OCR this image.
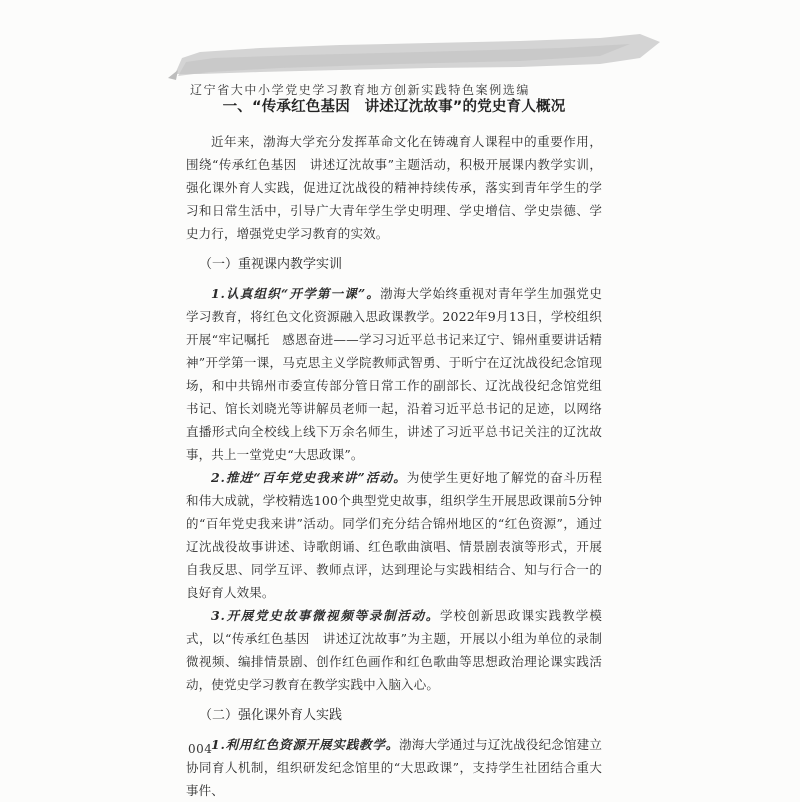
辽宁省大中小学党史学习教育地方创新实践特色案例选编
一、“传承红色基因　讲述辽沈故事”的党史育人概况

近年来，渤海大学充分发挥革命文化在铸魂育人课程中的重要作用，围绕“传承红色基因　讲述辽沈故事”主题活动，积极开展课内教学实训，强化课外育人实践，促进辽沈战役的精神持续传承，落实到青年学生的学习和日常生活中，引导广大青年学生学史明理、学史增信、学史崇德、学史力行，增强党史学习教育的实效。

（一）重视课内教学实训

1.认真组织“开学第一课”。渤海大学始终重视对青年学生加强党史学习教育，将红色文化资源融入思政课教学。2022年9月13日，学校组织开展“牢记嘱托　感恩奋进——学习习近平总书记来辽宁、锦州重要讲话精神”开学第一课，马克思主义学院教师武智勇、于昕宁在辽沈战役纪念馆现场，和中共锦州市委宣传部分管日常工作的副部长、辽沈战役纪念馆党组书记、馆长刘晓光等讲解员老师一起，沿着习近平总书记的足迹，以网络直播形式向全校线上线下万余名师生，讲述了习近平总书记关注的辽沈故事，共上一堂党史“大思政课”。

2.推进“百年党史我来讲”活动。为使学生更好地了解党的奋斗历程和伟大成就，学校精选100个典型党史故事，组织学生开展思政课前5分钟的“百年党史我来讲”活动。同学们充分结合锦州地区的“红色资源”，通过辽沈战役故事讲述、诗歌朗诵、红色歌曲演唱、情景剧表演等形式，开展自我反思、同学互评、教师点评，达到理论与实践相结合、知与行合一的良好育人效果。

3.开展党史故事微视频等录制活动。学校创新思政课实践教学模式，以“传承红色基因　讲述辽沈故事”为主题，开展以小组为单位的录制微视频、编排情景剧、创作红色画作和红色歌曲等思想政治理论课实践活动，使党史学习教育在教学实践中入脑入心。

（二）强化课外育人实践

1.利用红色资源开展实践教学。渤海大学通过与辽沈战役纪念馆建立协同育人机制，组织研发纪念馆里的“大思政课”，支持学生社团结合重大事件、

004
